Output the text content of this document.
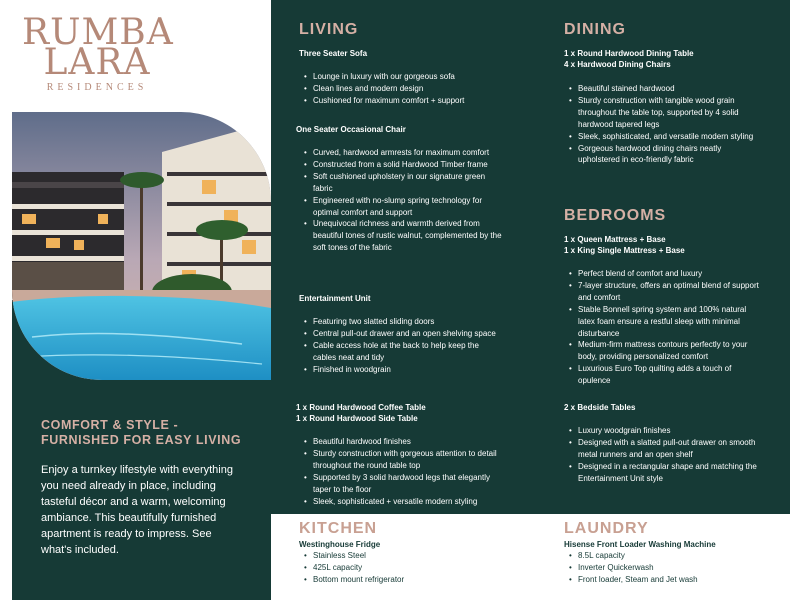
RUMBA
LARA
RESIDENCES
COMFORT & STYLE -
FURNISHED FOR EASY LIVING
Enjoy a turnkey lifestyle with everything you need already in place, including tasteful décor and a warm, welcoming ambiance. This beautifully furnished apartment is ready to impress. See what's included.
LIVING
Three Seater Sofa
• Lounge in luxury with our gorgeous sofa
• Clean lines and modern design
• Cushioned for maximum comfort + support
One Seater Occasional Chair
• Curved, hardwood armrests for maximum comfort
• Constructed from a solid Hardwood Timber frame
• Soft cushioned upholstery in our signature green fabric
• Engineered with no-slump spring technology for optimal comfort and support
• Unequivocal richness and warmth derived from beautiful tones of rustic walnut, complemented by the soft tones of the fabric
Entertainment Unit
• Featuring two slatted sliding doors
• Central pull-out drawer and an open shelving space
• Cable access hole at the back to help keep the cables neat and tidy
• Finished in woodgrain
1 x Round Hardwood Coffee Table
1 x Round Hardwood Side Table
• Beautiful hardwood finishes
• Sturdy construction with gorgeous attention to detail throughout the round table top
• Supported by 3 solid hardwood legs that elegantly taper to the floor
• Sleek, sophisticated + versatile modern styling
DINING
1 x Round Hardwood Dining Table
4 x Hardwood Dining Chairs
• Beautiful stained hardwood
• Sturdy construction with tangible wood grain throughout the table top, supported by 4 solid hardwood tapered legs
• Sleek, sophisticated, and versatile modern styling
• Gorgeous hardwood dining chairs neatly upholstered in eco-friendly fabric
BEDROOMS
1 x Queen Mattress + Base
1 x King Single Mattress + Base
• Perfect blend of comfort and luxury
• 7-layer structure, offers an optimal blend of support and comfort
• Stable Bonnell spring system and 100% natural latex foam ensure a restful sleep with minimal disturbance
• Medium-firm mattress contours perfectly to your body, providing personalized comfort
• Luxurious Euro Top quilting adds a touch of opulence
2 x Bedside Tables
• Luxury woodgrain finishes
• Designed with a slatted pull-out drawer on smooth metal runners and an open shelf
• Designed in a rectangular shape and matching the Entertainment Unit style
KITCHEN
Westinghouse Fridge
• Stainless Steel
• 425L capacity
• Bottom mount refrigerator
LAUNDRY
Hisense Front Loader Washing Machine
• 8.5L capacity
• Inverter Quickerwash
• Front loader, Steam and Jet wash
